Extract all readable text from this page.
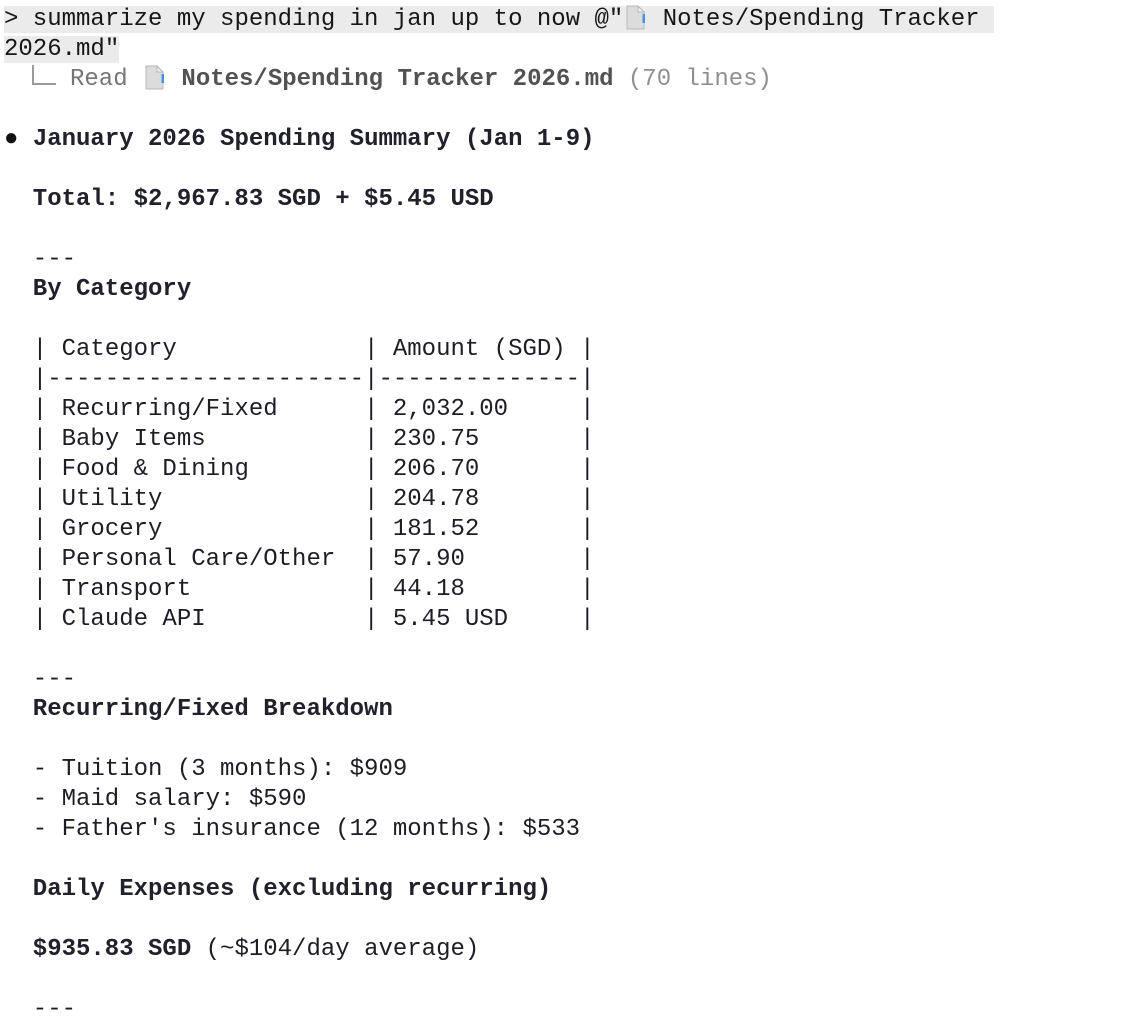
> summarize my spending in jan up to now @" Notes/Spending Tracker 2026.md"
Read Notes/Spending Tracker 2026.md (70 lines)
● January 2026 Spending Summary (Jan 1-9)
Total: $2,967.83 SGD + $5.45 USD
---
By Category
| Category	| Amount (SGD) |
|----------------------|--------------|
| Recurring/Fixed	| 2,032.00	|
| Baby Items	| 230.75	|
| Food & Dining	| 206.70	|
| Utility	| 204.78	|
| Grocery	| 181.52	|
| Personal Care/Other | 57.90	|
| Transport	| 44.18	|
| Claude API	| 5.45 USD	|
---
Recurring/Fixed Breakdown
- Tuition (3 months): $909
- Maid salary: $590
- Father's insurance (12 months): $533
Daily Expenses (excluding recurring)
$935.83 SGD (~$104/day average)
---
